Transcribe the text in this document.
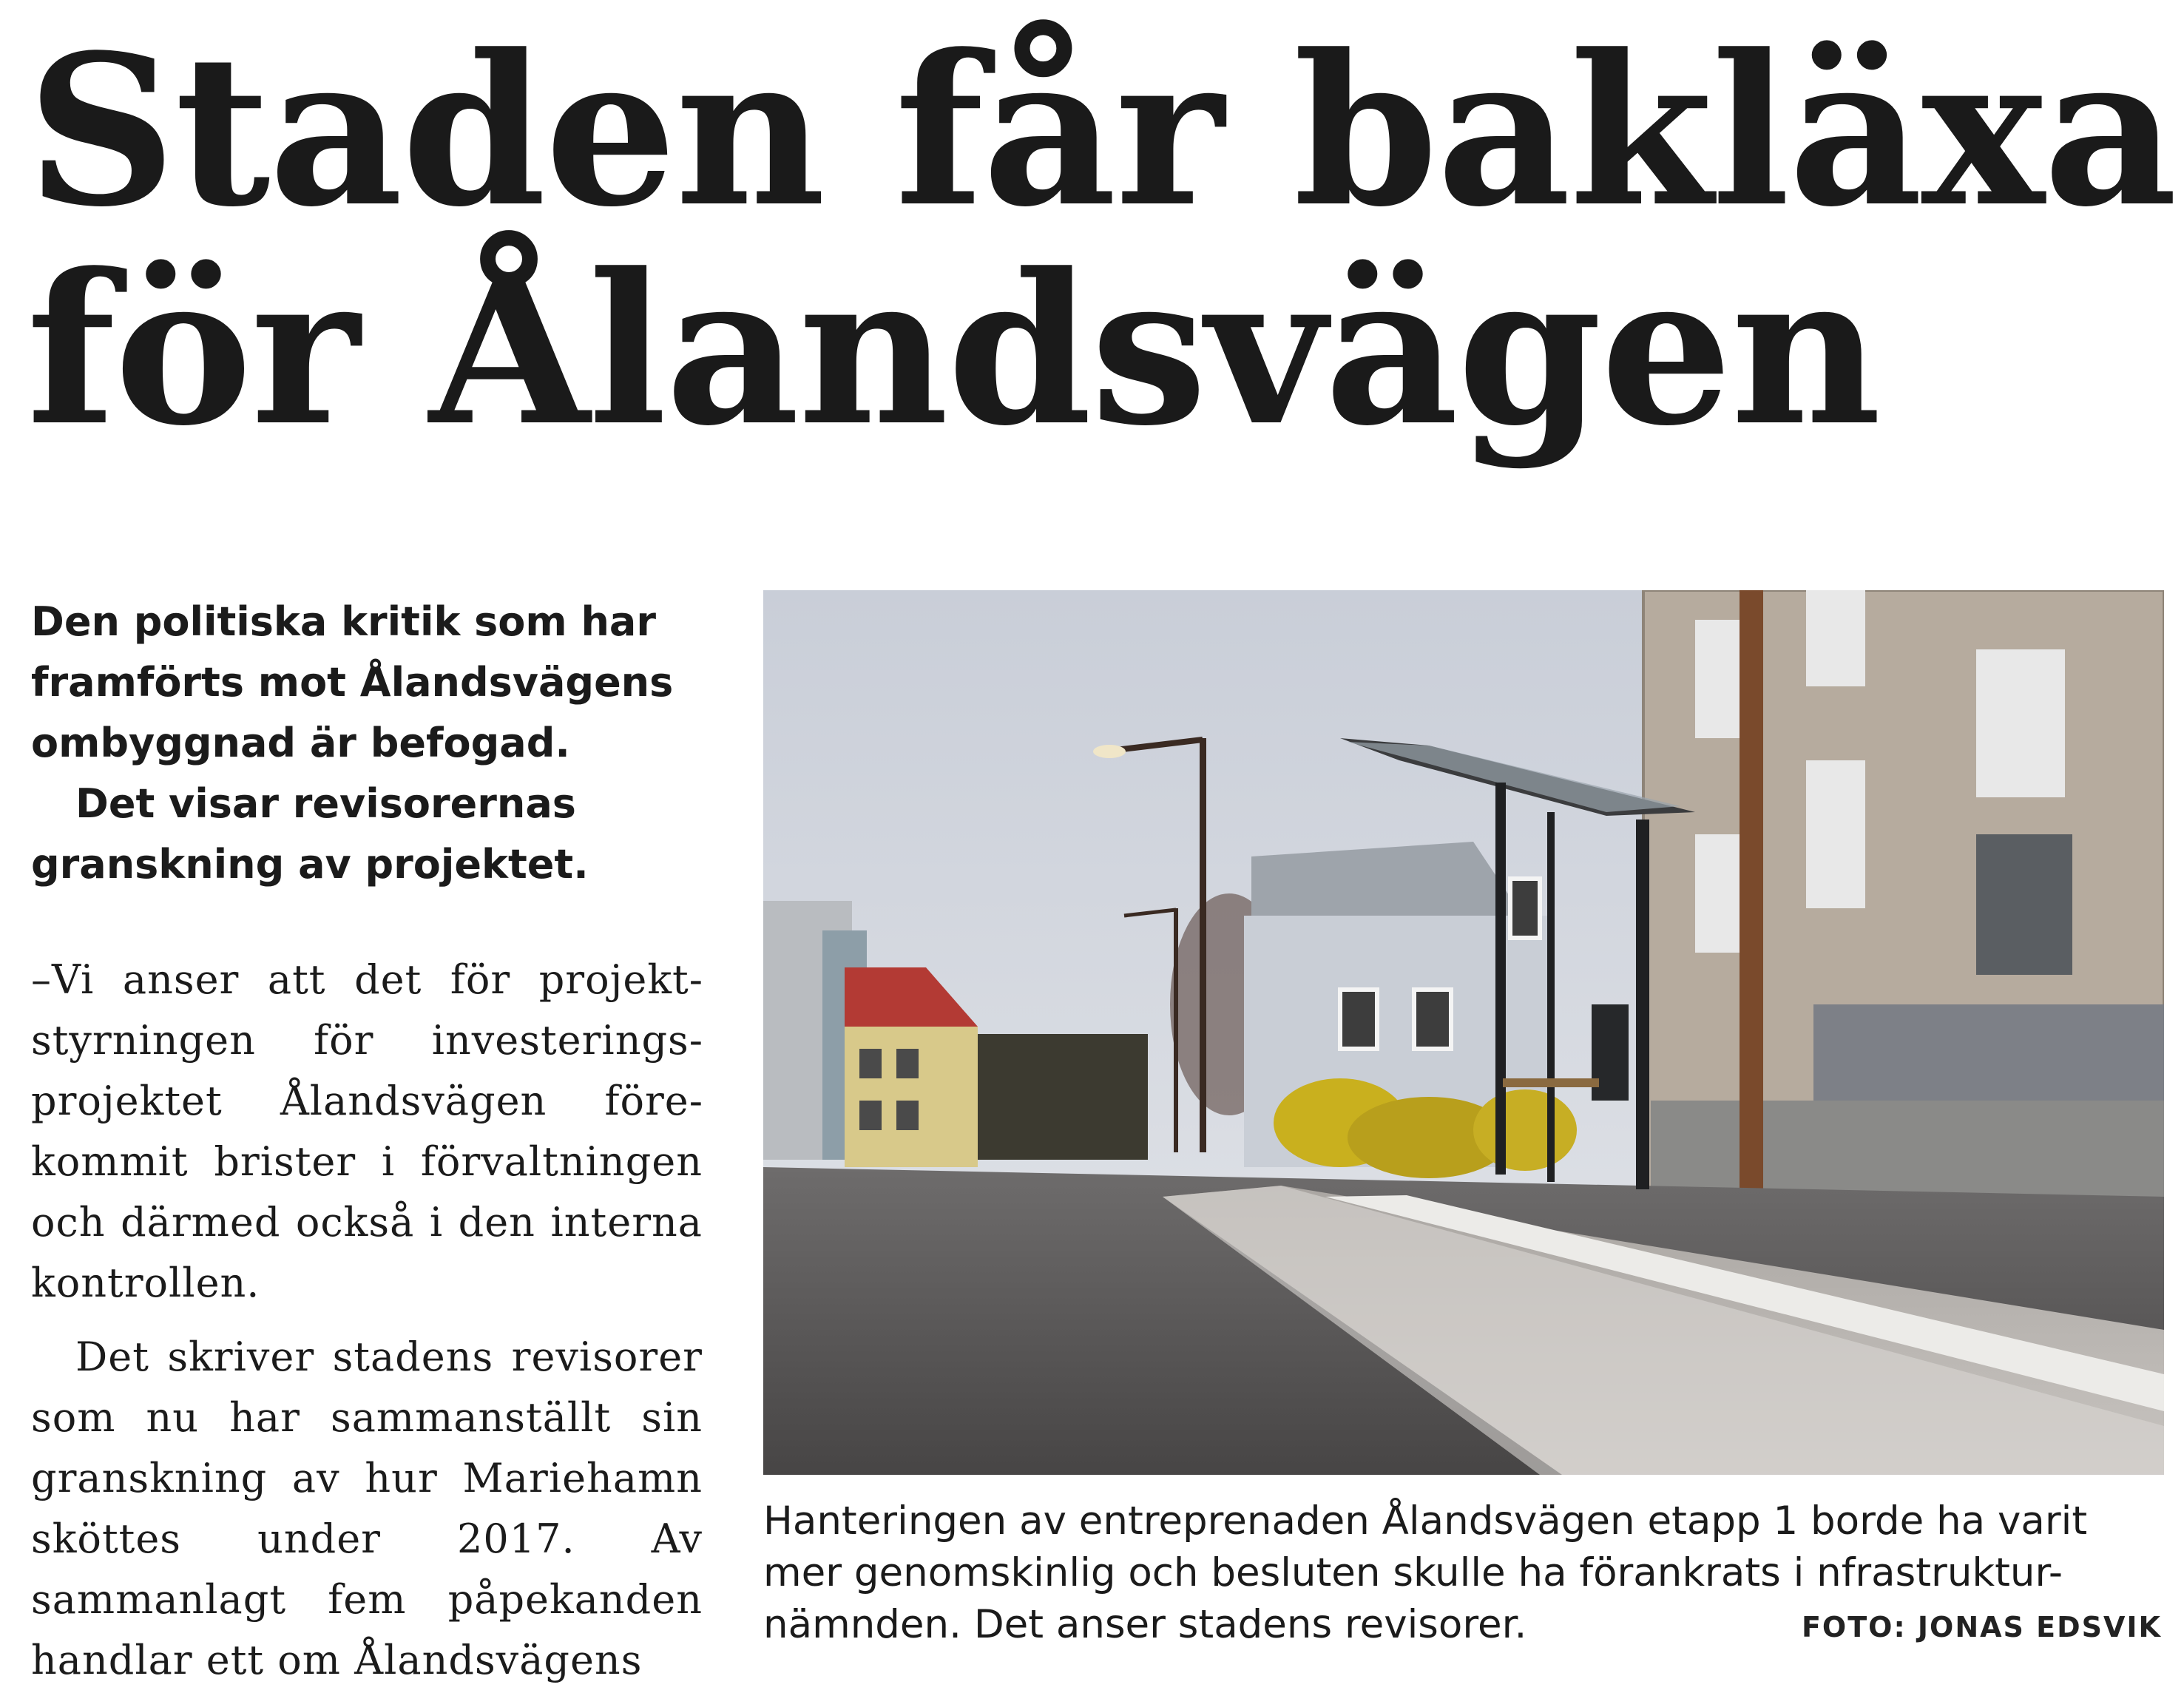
Staden får bakläxa
för Ålandsvägen
Den politiska kritik som har
framförts mot Ålandsvägens
ombyggnad är befogad.
Det visar revisorernas
granskning av projektet.

–Vi anser att det för projektstyrningen för investeringsprojektet Ålandsvägen förekommit brister i förvaltningen och därmed också i den interna kontrollen.

Det skriver stadens revisorer som nu har sammanställt sin granskning av hur Mariehamn sköttes under 2017. Av sammanlagt fem påpekanden handlar ett om Ålandsvägens

Hanteringen av entreprenaden Ålandsvägen etapp 1 borde ha varit
mer genomskinlig och besluten skulle ha förankrats i nfrastruktur-
nämnden. Det anser stadens revisorer.	FOTO: JONAS EDSVIK
